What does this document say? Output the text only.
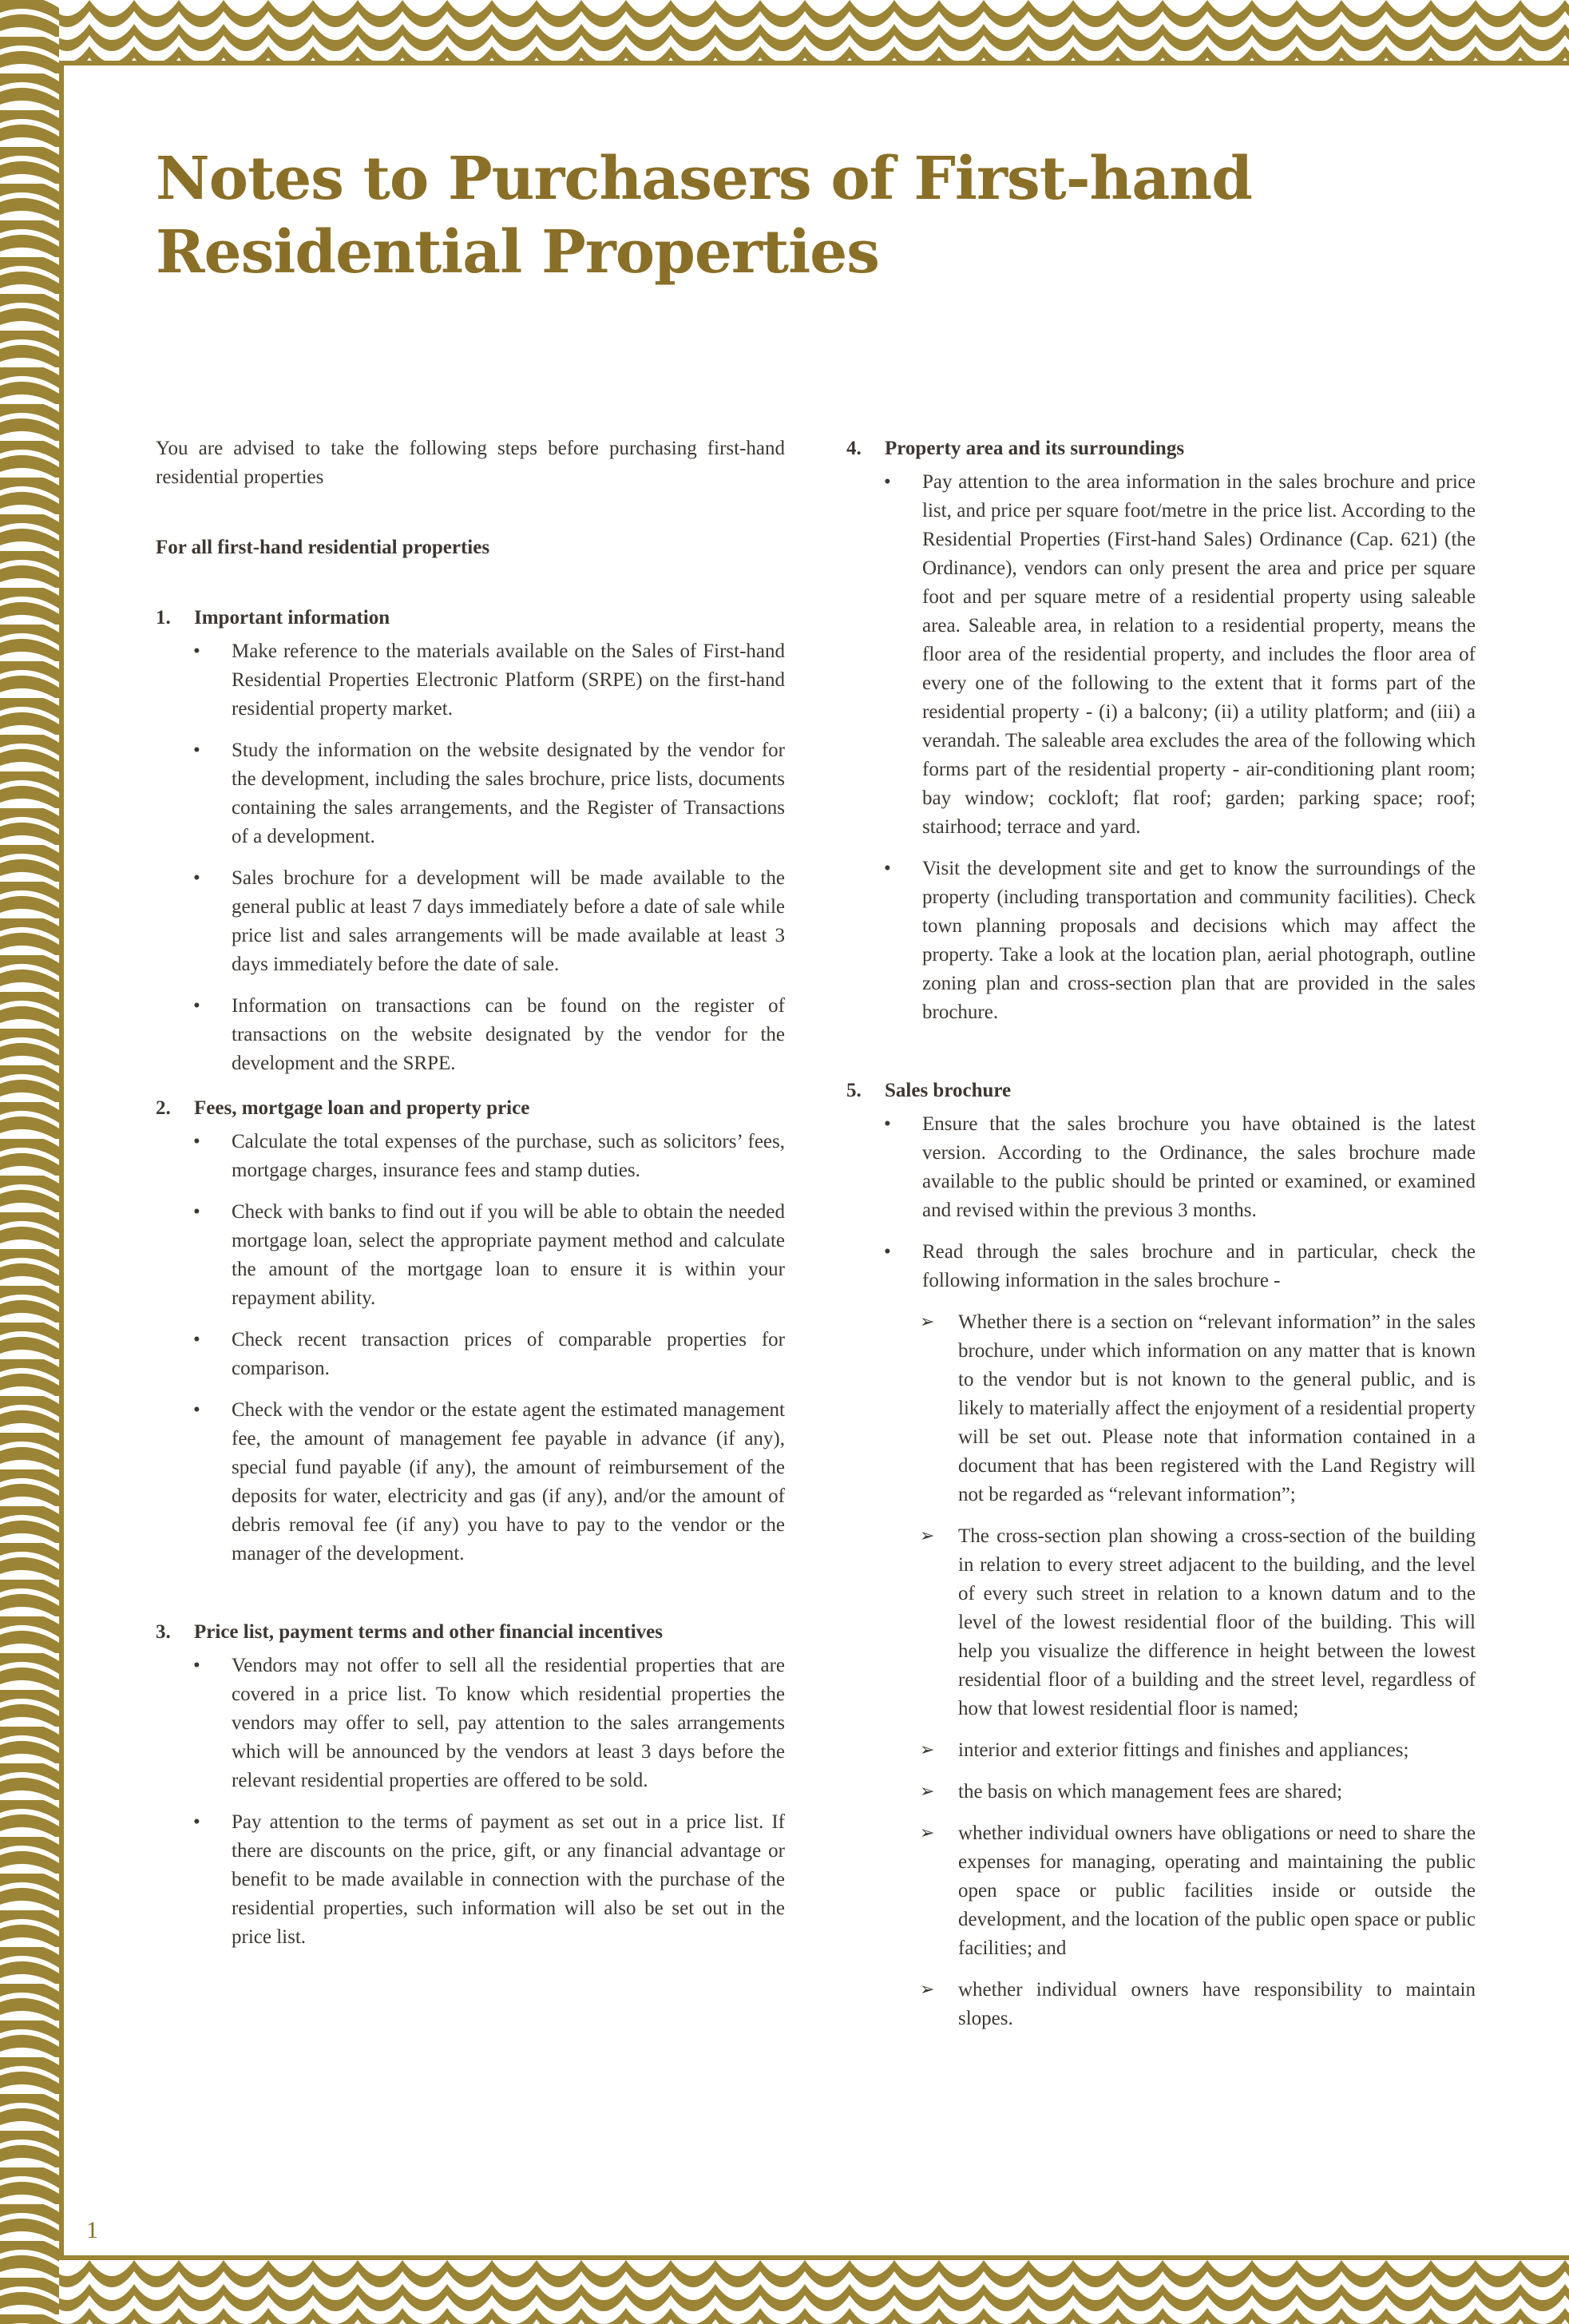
Notes to Purchasers of First-hand
Residential Properties

You are advised to take the following steps before purchasing first-hand residential properties

For all first-hand residential properties
1.	Important information
• Make reference to the materials available on the Sales of First-hand Residential Properties Electronic Platform (SRPE) on the first-hand residential property market.
• Study the information on the website designated by the vendor for the development, including the sales brochure, price lists, documents containing the sales arrangements, and the Register of Transactions of a development.
• Sales brochure for a development will be made available to the general public at least 7 days immediately before a date of sale while price list and sales arrangements will be made available at least 3 days immediately before the date of sale.
• Information on transactions can be found on the register of transactions on the website designated by the vendor for the development and the SRPE.
2.	Fees, mortgage loan and property price
• Calculate the total expenses of the purchase, such as solicitors’ fees, mortgage charges, insurance fees and stamp duties.
• Check with banks to find out if you will be able to obtain the needed mortgage loan, select the appropriate payment method and calculate the amount of the mortgage loan to ensure it is within your repayment ability.
• Check recent transaction prices of comparable properties for comparison.
• Check with the vendor or the estate agent the estimated management fee, the amount of management fee payable in advance (if any), special fund payable (if any), the amount of reimbursement of the deposits for water, electricity and gas (if any), and/or the amount of debris removal fee (if any) you have to pay to the vendor or the manager of the development.
3.	Price list, payment terms and other financial incentives
• Vendors may not offer to sell all the residential properties that are covered in a price list. To know which residential properties the vendors may offer to sell, pay attention to the sales arrangements which will be announced by the vendors at least 3 days before the relevant residential properties are offered to be sold.
• Pay attention to the terms of payment as set out in a price list. If there are discounts on the price, gift, or any financial advantage or benefit to be made available in connection with the purchase of the residential properties, such information will also be set out in the price list.
4.	Property area and its surroundings
• Pay attention to the area information in the sales brochure and price list, and price per square foot/metre in the price list. According to the Residential Properties (First-hand Sales) Ordinance (Cap. 621) (the Ordinance), vendors can only present the area and price per square foot and per square metre of a residential property using saleable area. Saleable area, in relation to a residential property, means the floor area of the residential property, and includes the floor area of every one of the following to the extent that it forms part of the residential property - (i) a balcony; (ii) a utility platform; and (iii) a verandah. The saleable area excludes the area of the following which forms part of the residential property - air-conditioning plant room; bay window; cockloft; flat roof; garden; parking space; roof; stairhood; terrace and yard.
• Visit the development site and get to know the surroundings of the property (including transportation and community facilities). Check town planning proposals and decisions which may affect the property. Take a look at the location plan, aerial photograph, outline zoning plan and cross-section plan that are provided in the sales brochure.
5.	Sales brochure
• Ensure that the sales brochure you have obtained is the latest version. According to the Ordinance, the sales brochure made available to the public should be printed or examined, or examined and revised within the previous 3 months.
• Read through the sales brochure and in particular, check the following information in the sales brochure -
➢ Whether there is a section on “relevant information” in the sales brochure, under which information on any matter that is known to the vendor but is not known to the general public, and is likely to materially affect the enjoyment of a residential property will be set out. Please note that information contained in a document that has been registered with the Land Registry will not be regarded as “relevant information”;
➢ The cross-section plan showing a cross-section of the building in relation to every street adjacent to the building, and the level of every such street in relation to a known datum and to the level of the lowest residential floor of the building. This will help you visualize the difference in height between the lowest residential floor of a building and the street level, regardless of how that lowest residential floor is named;
➢ interior and exterior fittings and finishes and appliances;
➢ the basis on which management fees are shared;
➢ whether individual owners have obligations or need to share the expenses for managing, operating and maintaining the public open space or public facilities inside or outside the development, and the location of the public open space or public facilities; and
➢ whether individual owners have responsibility to maintain slopes.
1
